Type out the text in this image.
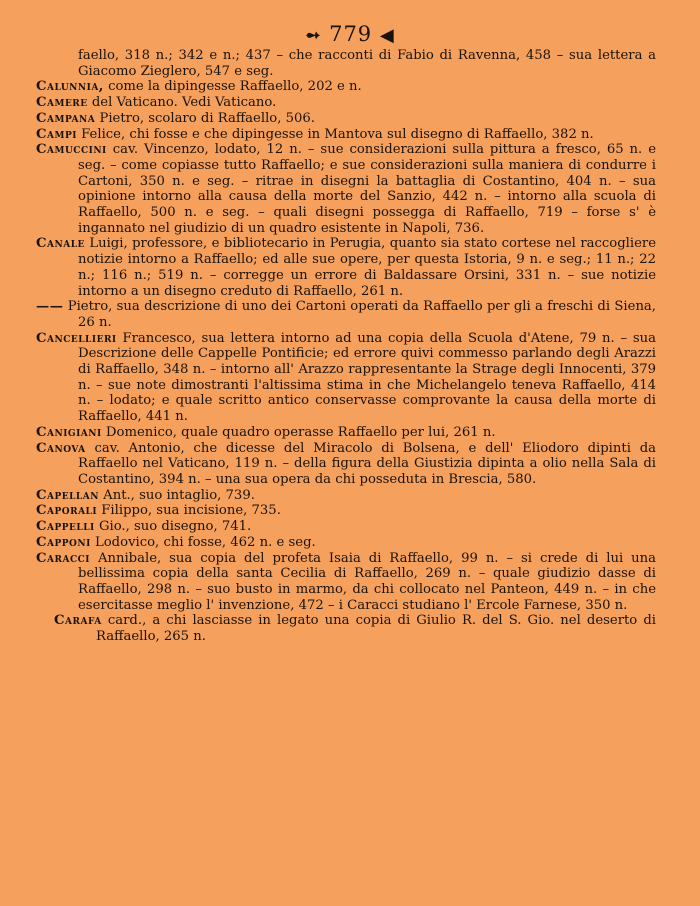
➻ 779 ◀

faello, 318 n.; 342 e n.; 437 – che racconti di Fabio di Ravenna, 458 – sua lettera a Giacomo Zieglero, 547 e seg.

Calunnia, come la dipingesse Raffaello, 202 e n.

Camere del Vaticano. Vedi Vaticano.

Campana Pietro, scolaro di Raffaello, 506.

Campi Felice, chi fosse e che dipingesse in Mantova sul disegno di Raffaello, 382 n.

Camuccini cav. Vincenzo, lodato, 12 n. – sue considerazioni sulla pittura a fresco, 65 n. e seg. – come copiasse tutto Raffaello; e sue considerazioni sulla maniera di condurre i Cartoni, 350 n. e seg. – ritrae in disegni la battaglia di Costantino, 404 n. – sua opinione intorno alla causa della morte del Sanzio, 442 n. – intorno alla scuola di Raffaello, 500 n. e seg. – quali disegni possegga di Raffaello, 719 – forse s' è ingannato nel giudizio di un quadro esistente in Napoli, 736.

Canale Luigi, professore, e bibliotecario in Perugia, quanto sia stato cortese nel raccogliere notizie intorno a Raffaello; ed alle sue opere, per questa Istoria, 9 n. e seg.; 11 n.; 22 n.; 116 n.; 519 n. – corregge un errore di Baldassare Orsini, 331 n. – sue notizie intorno a un disegno creduto di Raffaello, 261 n.

—— Pietro, sua descrizione di uno dei Cartoni operati da Raffaello per gli a freschi di Siena, 26 n.

Cancellieri Francesco, sua lettera intorno ad una copia della Scuola d'Atene, 79 n. – sua Descrizione delle Cappelle Pontificie; ed errore quivi commesso parlando degli Arazzi di Raffaello, 348 n. – intorno all' Arazzo rappresentante la Strage degli Innocenti, 379 n. – sue note dimostranti l'altissima stima in che Michelangelo teneva Raffaello, 414 n. – lodato; e quale scritto antico conservasse comprovante la causa della morte di Raffaello, 441 n.

Canigiani Domenico, quale quadro operasse Raffaello per lui, 261 n.

Canova cav. Antonio, che dicesse del Miracolo di Bolsena, e dell' Eliodoro dipinti da Raffaello nel Vaticano, 119 n. – della figura della Giustizia dipinta a olio nella Sala di Costantino, 394 n. – una sua opera da chi posseduta in Brescia, 580.

Capellan Ant., suo intaglio, 739.

Caporali Filippo, sua incisione, 735.

Cappelli Gio., suo disegno, 741.

Capponi Lodovico, chi fosse, 462 n. e seg.

Caracci Annibale, sua copia del profeta Isaia di Raffaello, 99 n. – si crede di lui una bellissima copia della santa Cecilia di Raffaello, 269 n. – quale giudizio dasse di Raffaello, 298 n. – suo busto in marmo, da chi collocato nel Panteon, 449 n. – in che esercitasse meglio l' invenzione, 472 – i Caracci studiano l' Ercole Farnese, 350 n.

Carafa card., a chi lasciasse in legato una copia di Giulio R. del S. Gio. nel deserto di Raffaello, 265 n.
